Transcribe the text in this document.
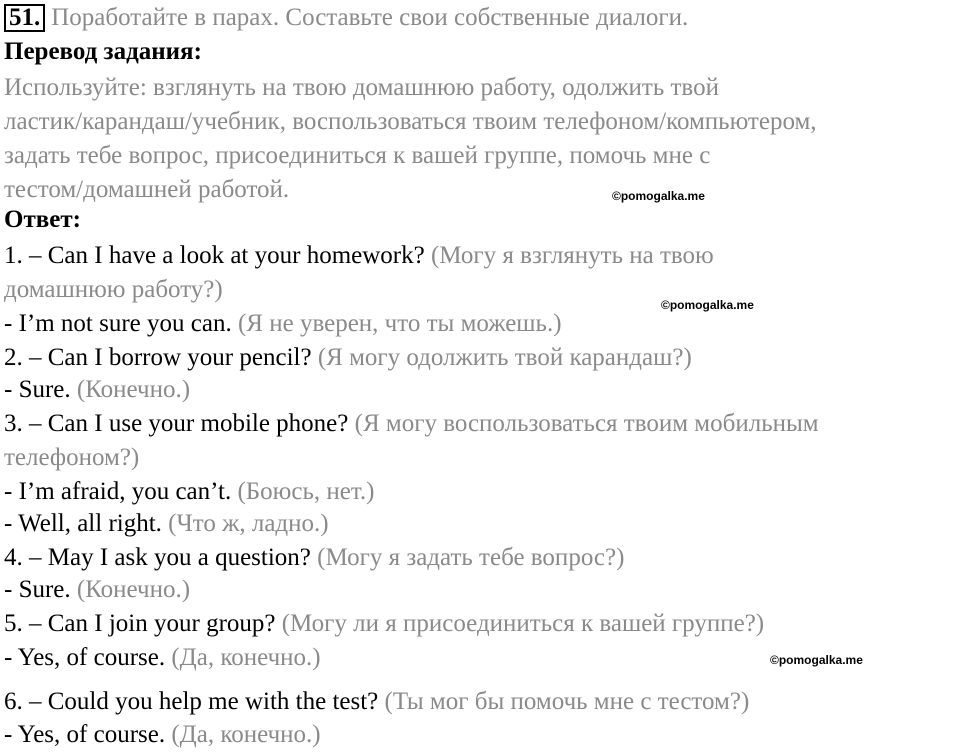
51. Поработайте в парах. Составьте свои собственные диалоги.
Перевод задания:
Используйте: взглянуть на твою домашнюю работу, одолжить твой
ластик/карандаш/учебник, воспользоваться твоим телефоном/компьютером,
задать тебе вопрос, присоединиться к вашей группе, помочь мне с
тестом/домашней работой.
Ответ:
1. – Can I have a look at your homework? (Могу я взглянуть на твою
домашнюю работу?)
- I’m not sure you can. (Я не уверен, что ты можешь.)
2. – Can I borrow your pencil? (Я могу одолжить твой карандаш?)
- Sure. (Конечно.)
3. – Can I use your mobile phone? (Я могу воспользоваться твоим мобильным
телефоном?)
- I’m afraid, you can’t. (Боюсь, нет.)
- Well, all right. (Что ж, ладно.)
4. – May I ask you a question? (Могу я задать тебе вопрос?)
- Sure. (Конечно.)
5. – Can I join your group? (Могу ли я присоединиться к вашей группе?)
- Yes, of course. (Да, конечно.)
6. – Could you help me with the test? (Ты мог бы помочь мне с тестом?)
- Yes, of course. (Да, конечно.)
©pomogalka.me
©pomogalka.me
©pomogalka.me
